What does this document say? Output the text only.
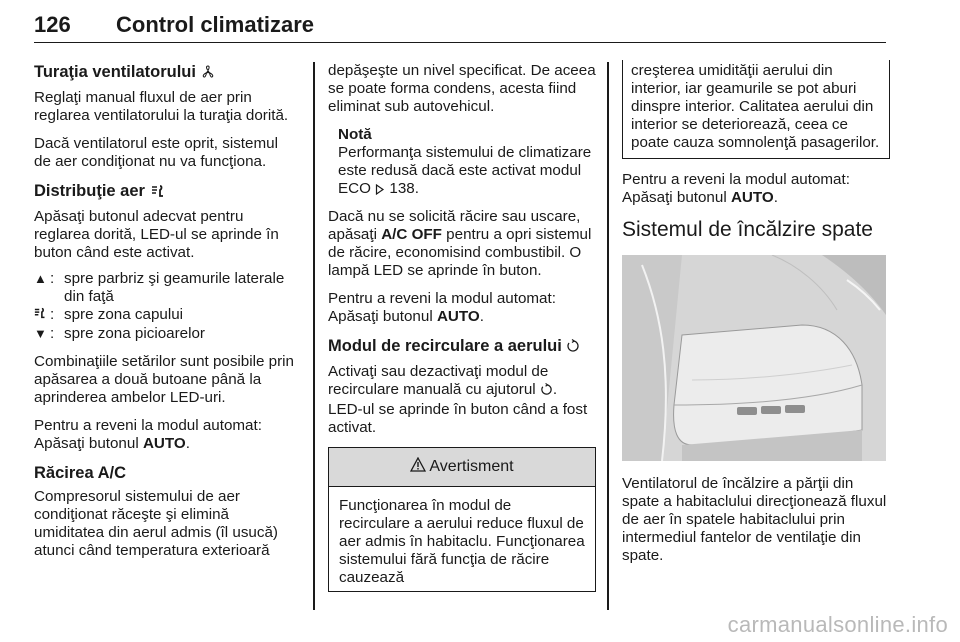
126 Control climatizare
Turaţia ventilatorului

Reglaţi manual fluxul de aer prin reglarea ventilatorului la turaţia dorită.

Dacă ventilatorul este oprit, sistemul de aer condiţionat nu va funcţiona.

Distribuţie aer

Apăsaţi butonul adecvat pentru reglarea dorită, LED-ul se aprinde în buton când este activat.

▲ : spre parbriz şi geamurile laterale din faţă
: spre zona capului
▼ : spre zona picioarelor

Combinaţiile setărilor sunt posibile prin apăsarea a două butoane până la aprinderea ambelor LED-uri.

Pentru a reveni la modul automat: Apăsaţi butonul AUTO.

Răcirea A/C

Compresorul sistemului de aer condiţionat răceşte şi elimină umiditatea din aerul admis (îl usucă) atunci când temperatura exterioară

depăşeşte un nivel specificat. De aceea se poate forma condens, acesta fiind eliminat sub autovehicul.

Notă
Performanţa sistemului de climatizare este redusă dacă este activat modul ECO  138.

Dacă nu se solicită răcire sau uscare, apăsaţi A/C OFF pentru a opri sistemul de răcire, economisind combustibil. O lampă LED se aprinde în buton.

Pentru a reveni la modul automat: Apăsaţi butonul AUTO.

Modul de recirculare a aerului

Activaţi sau dezactivaţi modul de recirculare manuală cu ajutorul .

LED-ul se aprinde în buton când a fost activat.

Avertisment
Funcţionarea în modul de recirculare a aerului reduce fluxul de aer admis în habitaclu. Funcţionarea sistemului fără funcţia de răcire cauzează
creşterea umidităţii aerului din interior, iar geamurile se pot aburi dinspre interior. Calitatea aerului din interior se deteriorează, ceea ce poate cauza somnolenţă pasagerilor.

Pentru a reveni la modul automat: Apăsaţi butonul AUTO.

Sistemul de încălzire spate

Ventilatorul de încălzire a părţii din spate a habitaclului direcţionează fluxul de aer în spatele habitaclului prin intermediul fantelor de ventilaţie din spate.

carmanualsonline.info
